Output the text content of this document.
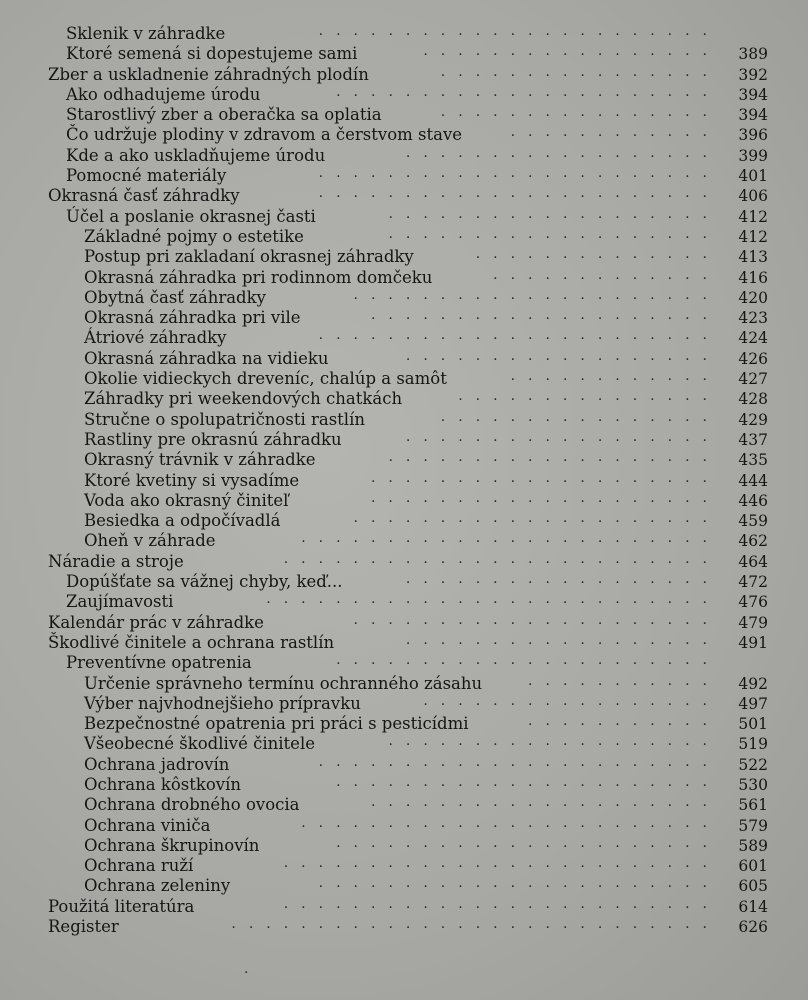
Sklenik v záhradke	.......................
Ktoré semená si dopestujeme sami	.................	389
Zber a uskladnenie záhradných plodín	................	392
Ako odhadujeme úrodu	......................	394
Starostlivý zber a oberačka sa oplatia	................	394
Čo udržuje plodiny v zdravom a čerstvom stave	............	396
Kde a ako uskladňujeme úrodu	..................	399
Pomocné materiály	.......................	401
Okrasná časť záhradky	.......................	406
Účel a poslanie okrasnej časti	...................	412
Základné pojmy o estetike	...................	412
Postup pri zakladaní okrasnej záhradky	..............	413
Okrasná záhradka pri rodinnom domčeku	.............	416
Obytná časť záhradky	.....................	420
Okrasná záhradka pri vile	....................	423
Átriové záhradky	.......................	424
Okrasná záhradka na vidieku	..................	426
Okolie vidieckych dreveníc, chalúp a samôt	............	427
Záhradky pri weekendových chatkách	...............	428
Stručne o spolupatričnosti rastlín	................	429
Rastliny pre okrasnú záhradku	..................	437
Okrasný trávnik v záhradke	...................	435
Ktoré kvetiny si vysadíme	....................	444
Voda ako okrasný činiteľ	....................	446
Besiedka a odpočívadlá	.....................	459
Oheň v záhrade	........................	462
Náradie a stroje	.........................	464
Dopúšťate sa vážnej chyby, keď...	..................	472
Zaujímavosti	..........................	476
Kalendár prác v záhradke	.....................	479
Škodlivé činitele a ochrana rastlín	..................	491
Preventívne opatrenia	......................
Určenie správneho termínu ochranného zásahu	...........	492
Výber najvhodnejšieho prípravku	.................	497
Bezpečnostné opatrenia pri práci s pesticídmi	...........	501
Všeobecné škodlivé činitele	...................	519
Ochrana jadrovín	.......................	522
Ochrana kôstkovín	......................	530
Ochrana drobného ovocia	....................	561
Ochrana viniča	........................	579
Ochrana škrupinovín	......................	589
Ochrana ruží	.........................	601
Ochrana zeleniny	.......................	605
Použitá literatúra	.........................	614
Register	............................	626
.
